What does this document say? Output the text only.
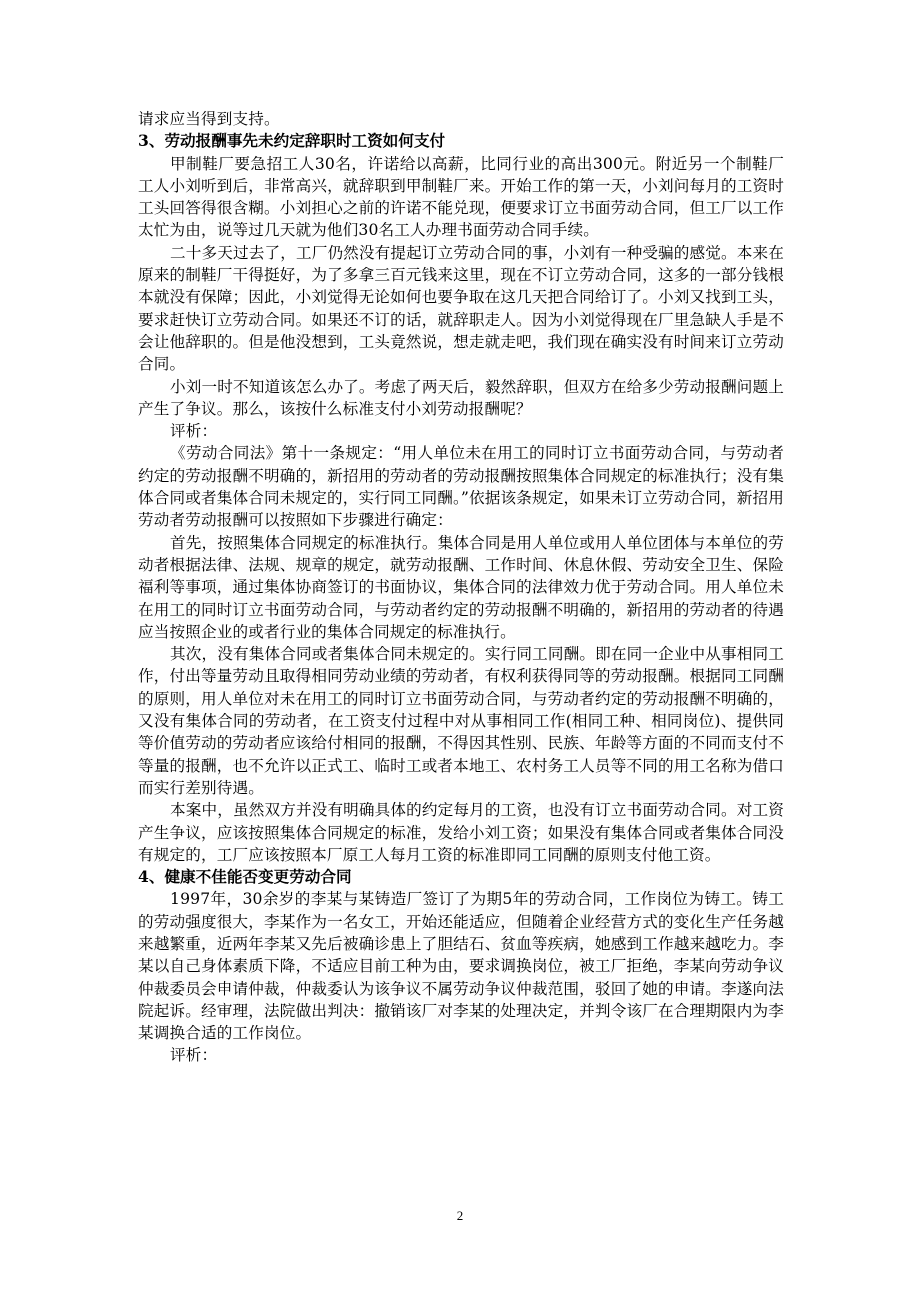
请求应当得到支持。

3、劳动报酬事先未约定辞职时工资如何支付

甲制鞋厂要急招工人30名，许诺给以高薪，比同行业的高出300元。附近另一个制鞋厂工人小刘听到后，非常高兴，就辞职到甲制鞋厂来。开始工作的第一天，小刘问每月的工资时工头回答得很含糊。小刘担心之前的许诺不能兑现，便要求订立书面劳动合同，但工厂以工作太忙为由，说等过几天就为他们30名工人办理书面劳动合同手续。

二十多天过去了，工厂仍然没有提起订立劳动合同的事，小刘有一种受骗的感觉。本来在原来的制鞋厂干得挺好，为了多拿三百元钱来这里，现在不订立劳动合同，这多的一部分钱根本就没有保障；因此，小刘觉得无论如何也要争取在这几天把合同给订了。小刘又找到工头，要求赶快订立劳动合同。如果还不订的话，就辞职走人。因为小刘觉得现在厂里急缺人手是不会让他辞职的。但是他没想到，工头竟然说，想走就走吧，我们现在确实没有时间来订立劳动合同。

小刘一时不知道该怎么办了。考虑了两天后，毅然辞职，但双方在给多少劳动报酬问题上产生了争议。那么，该按什么标准支付小刘劳动报酬呢？

评析：

《劳动合同法》第十一条规定：“用人单位未在用工的同时订立书面劳动合同，与劳动者约定的劳动报酬不明确的，新招用的劳动者的劳动报酬按照集体合同规定的标准执行；没有集体合同或者集体合同未规定的，实行同工同酬。”依据该条规定，如果未订立劳动合同，新招用劳动者劳动报酬可以按照如下步骤进行确定：

首先，按照集体合同规定的标准执行。集体合同是用人单位或用人单位团体与本单位的劳动者根据法律、法规、规章的规定，就劳动报酬、工作时间、休息休假、劳动安全卫生、保险福利等事项，通过集体协商签订的书面协议，集体合同的法律效力优于劳动合同。用人单位未在用工的同时订立书面劳动合同，与劳动者约定的劳动报酬不明确的，新招用的劳动者的待遇应当按照企业的或者行业的集体合同规定的标准执行。

其次，没有集体合同或者集体合同未规定的。实行同工同酬。即在同一企业中从事相同工作，付出等量劳动且取得相同劳动业绩的劳动者，有权利获得同等的劳动报酬。根据同工同酬的原则，用人单位对未在用工的同时订立书面劳动合同，与劳动者约定的劳动报酬不明确的，又没有集体合同的劳动者，在工资支付过程中对从事相同工作(相同工种、相同岗位)、提供同等价值劳动的劳动者应该给付相同的报酬，不得因其性别、民族、年龄等方面的不同而支付不等量的报酬，也不允许以正式工、临时工或者本地工、农村务工人员等不同的用工名称为借口而实行差别待遇。

本案中，虽然双方并没有明确具体的约定每月的工资，也没有订立书面劳动合同。对工资产生争议，应该按照集体合同规定的标准，发给小刘工资；如果没有集体合同或者集体合同没有规定的，工厂应该按照本厂原工人每月工资的标准即同工同酬的原则支付他工资。

4、健康不佳能否变更劳动合同

1997年，30余岁的李某与某铸造厂签订了为期5年的劳动合同，工作岗位为铸工。铸工的劳动强度很大，李某作为一名女工，开始还能适应，但随着企业经营方式的变化生产任务越来越繁重，近两年李某又先后被确诊患上了胆结石、贫血等疾病，她感到工作越来越吃力。李某以自己身体素质下降，不适应目前工种为由，要求调换岗位，被工厂拒绝，李某向劳动争议仲裁委员会申请仲裁，仲裁委认为该争议不属劳动争议仲裁范围，驳回了她的申请。李遂向法院起诉。经审理，法院做出判决：撤销该厂对李某的处理决定，并判令该厂在合理期限内为李某调换合适的工作岗位。

评析：

2
